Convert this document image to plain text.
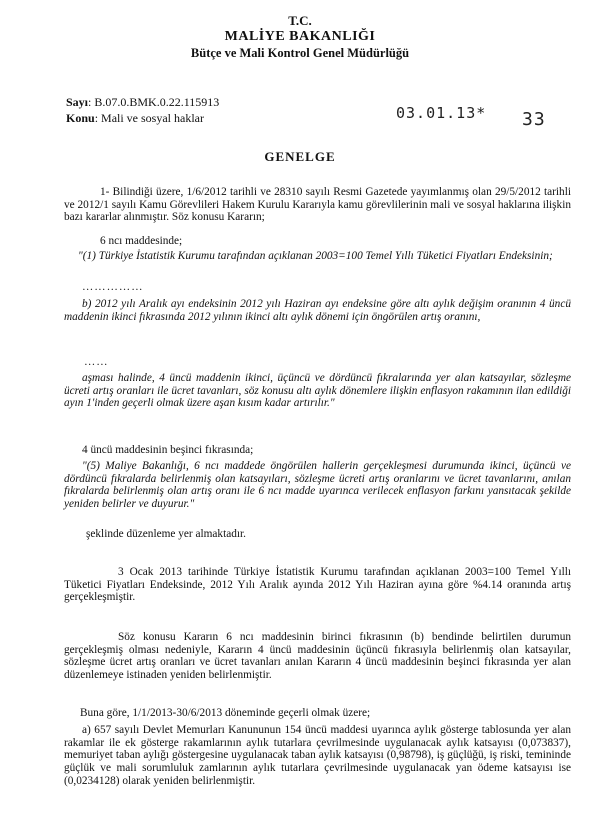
T.C.
MALİYE BAKANLIĞI
Bütçe ve Mali Kontrol Genel Müdürlüğü
Sayı: B.07.0.BMK.0.22.115913
Konu: Mali ve sosyal haklar	03.01.13* 33
GENELGE
1- Bilindiği üzere, 1/6/2012 tarihli ve 28310 sayılı Resmi Gazetede yayımlanmış olan 29/5/2012 tarihli ve 2012/1 sayılı Kamu Görevlileri Hakem Kurulu Kararıyla kamu görevlilerinin mali ve sosyal haklarına ilişkin bazı kararlar alınmıştır. Söz konusu Kararın;
6 ncı maddesinde;
"(1) Türkiye İstatistik Kurumu tarafından açıklanan 2003=100 Temel Yıllı Tüketici Fiyatları Endeksinin;
……………
b) 2012 yılı Aralık ayı endeksinin 2012 yılı Haziran ayı endeksine göre altı aylık değişim oranının 4 üncü maddenin ikinci fıkrasında 2012 yılının ikinci altı aylık dönemi için öngörülen artış oranını,
……
aşması halinde, 4 üncü maddenin ikinci, üçüncü ve dördüncü fıkralarında yer alan katsayılar, sözleşme ücreti artış oranları ile ücret tavanları, söz konusu altı aylık dönemlere ilişkin enflasyon rakamının ilan edildiği ayın 1'inden geçerli olmak üzere aşan kısım kadar artırılır."
4 üncü maddesinin beşinci fıkrasında;
"(5) Maliye Bakanlığı, 6 ncı maddede öngörülen hallerin gerçekleşmesi durumunda ikinci, üçüncü ve dördüncü fıkralarda belirlenmiş olan katsayıları, sözleşme ücreti artış oranlarını ve ücret tavanlarını, anılan fıkralarda belirlenmiş olan artış oranı ile 6 ncı madde uyarınca verilecek enflasyon farkını yansıtacak şekilde yeniden belirler ve duyurur."
şeklinde düzenleme yer almaktadır.
3 Ocak 2013 tarihinde Türkiye İstatistik Kurumu tarafından açıklanan 2003=100 Temel Yıllı Tüketici Fiyatları Endeksinde, 2012 Yılı Aralık ayında 2012 Yılı Haziran ayına göre %4.14 oranında artış gerçekleşmiştir.
Söz konusu Kararın 6 ncı maddesinin birinci fıkrasının (b) bendinde belirtilen durumun gerçekleşmiş olması nedeniyle, Kararın 4 üncü maddesinin üçüncü fıkrasıyla belirlenmiş olan katsayılar, sözleşme ücret artış oranları ve ücret tavanları anılan Kararın 4 üncü maddesinin beşinci fıkrasında yer alan düzenlemeye istinaden yeniden belirlenmiştir.
Buna göre, 1/1/2013-30/6/2013 döneminde geçerli olmak üzere;
a) 657 sayılı Devlet Memurları Kanununun 154 üncü maddesi uyarınca aylık gösterge tablosunda yer alan rakamlar ile ek gösterge rakamlarının aylık tutarlara çevrilmesinde uygulanacak aylık katsayısı (0,073837), memuriyet taban aylığı göstergesine uygulanacak taban aylık katsayısı (0,98798), iş güçlüğü, iş riski, temininde güçlük ve mali sorumluluk zamlarının aylık tutarlara çevrilmesinde uygulanacak yan ödeme katsayısı ise (0,0234128) olarak yeniden belirlenmiştir.
